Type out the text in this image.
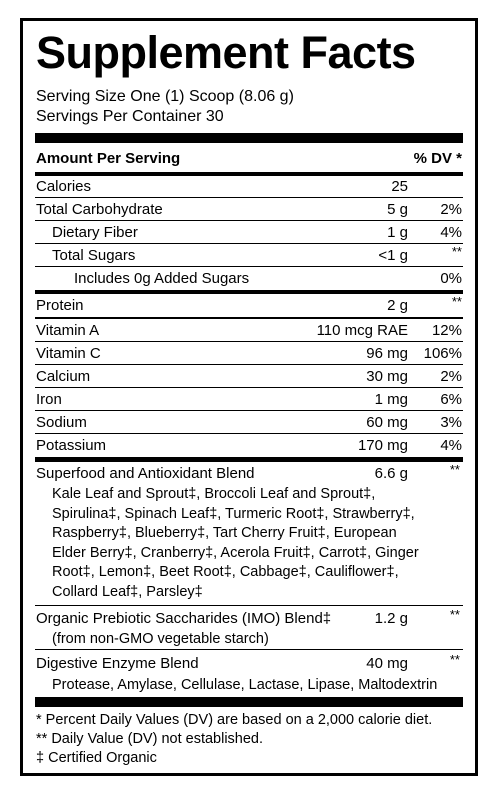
Supplement Facts
Serving Size One (1) Scoop (8.06 g)
Servings Per Container 30
Amount Per Serving	% DV *
Calories	25
Total Carbohydrate	5 g 2%
Dietary Fiber	1 g 4%
Total Sugars	<1 g	**
Includes 0g Added Sugars	0%
Protein	2 g	**
Vitamin A	110 mcg RAE 12%
Vitamin C	96 mg 106%
Calcium	30 mg 2%
Iron	1 mg 6%
Sodium	60 mg 3%
Potassium	170 mg 4%
Superfood and Antioxidant Blend	6.6 g	**
Kale Leaf and Sprout‡, Broccoli Leaf and Sprout‡,
Spirulina‡, Spinach Leaf‡, Turmeric Root‡, Strawberry‡,
Raspberry‡, Blueberry‡, Tart Cherry Fruit‡, European
Elder Berry‡, Cranberry‡, Acerola Fruit‡, Carrot‡, Ginger
Root‡, Lemon‡, Beet Root‡, Cabbage‡, Cauliflower‡,
Collard Leaf‡, Parsley‡
Organic Prebiotic Saccharides (IMO) Blend‡	1.2 g	**
(from non-GMO vegetable starch)
Digestive Enzyme Blend	40 mg	**
Protease, Amylase, Cellulase, Lactase, Lipase, Maltodextrin
* Percent Daily Values (DV) are based on a 2,000 calorie diet.
** Daily Value (DV) not established.
‡ Certified Organic
